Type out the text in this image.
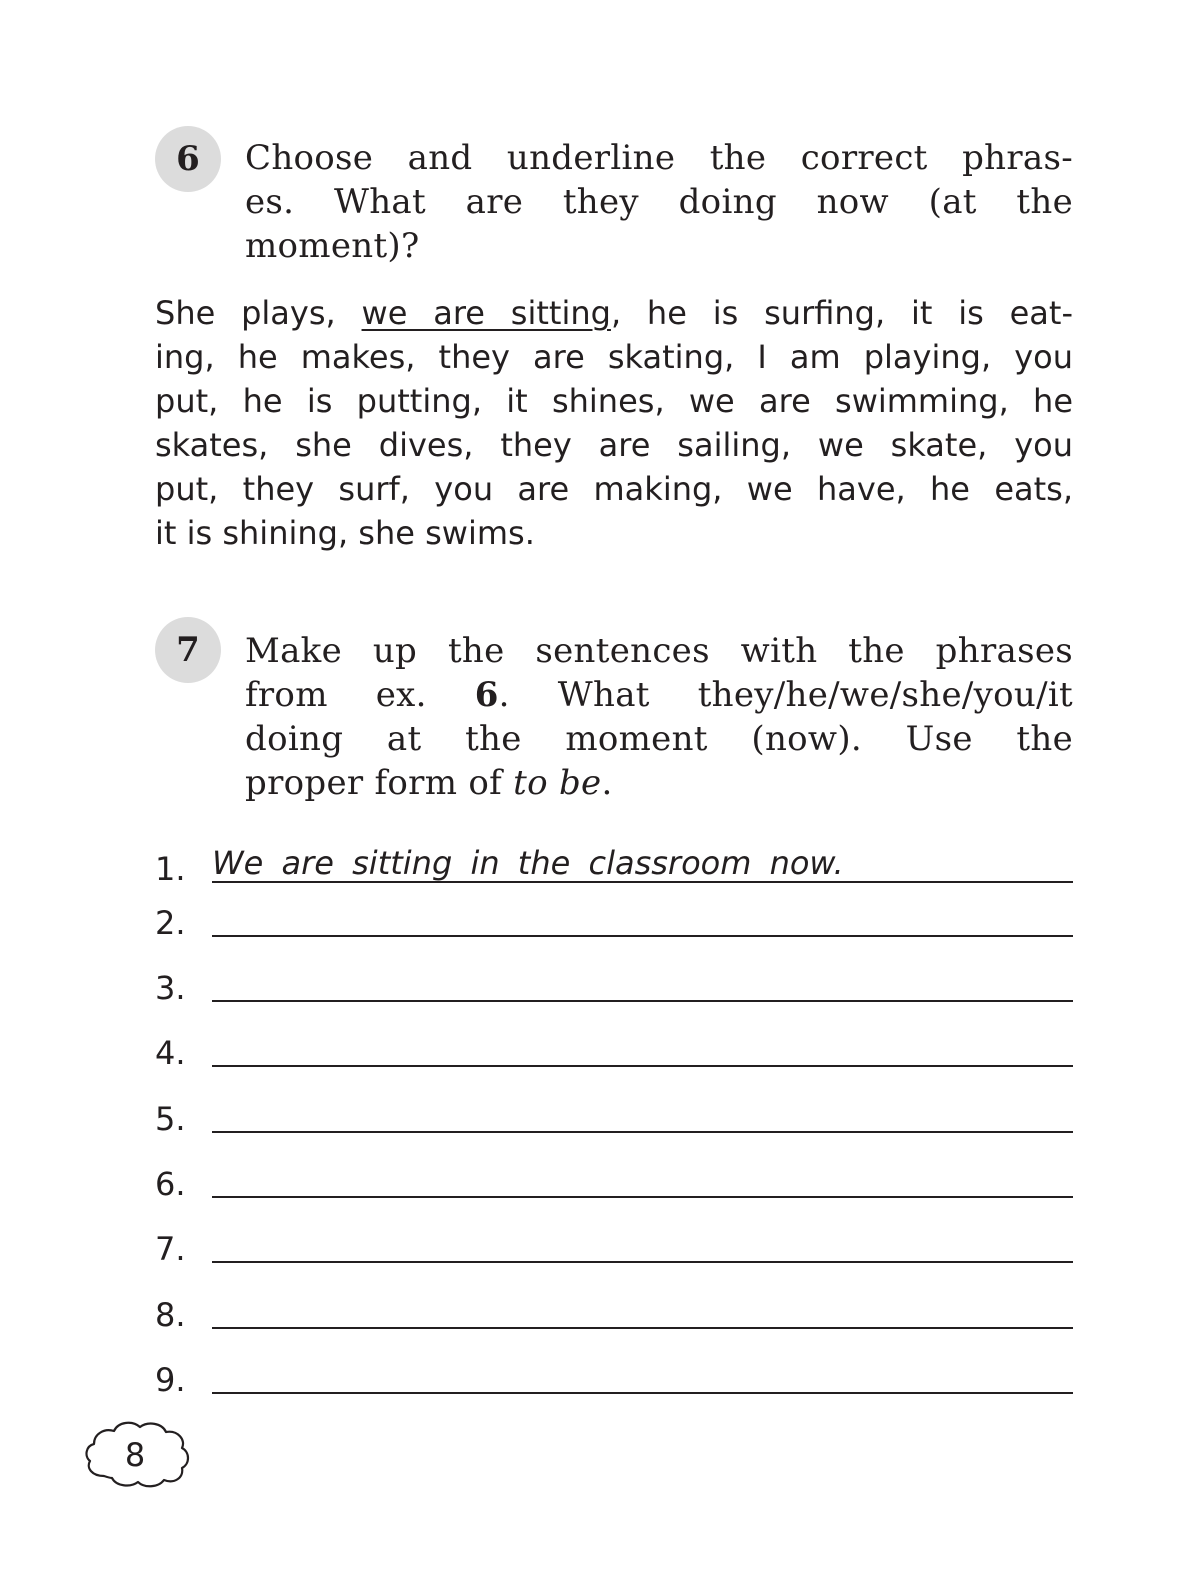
6	Choose and underline the correct phras-
es. What are they doing now (at the
moment)?
She plays, we are sitting, he is surfing, it is eat-
ing, he makes, they are skating, I am playing, you
put, he is putting, it shines, we are swimming, he
skates, she dives, they are sailing, we skate, you
put, they surf, you are making, we have, he eats,
it is shining, she swims.
7	Make up the sentences with the phrases
from ex. 6. What they/he/we/she/you/it
doing at the moment (now). Use the
proper form of to be.
1. We are sitting in the classroom now.
2.
3.
4.
5.
6.
7.
8.
9.
8
